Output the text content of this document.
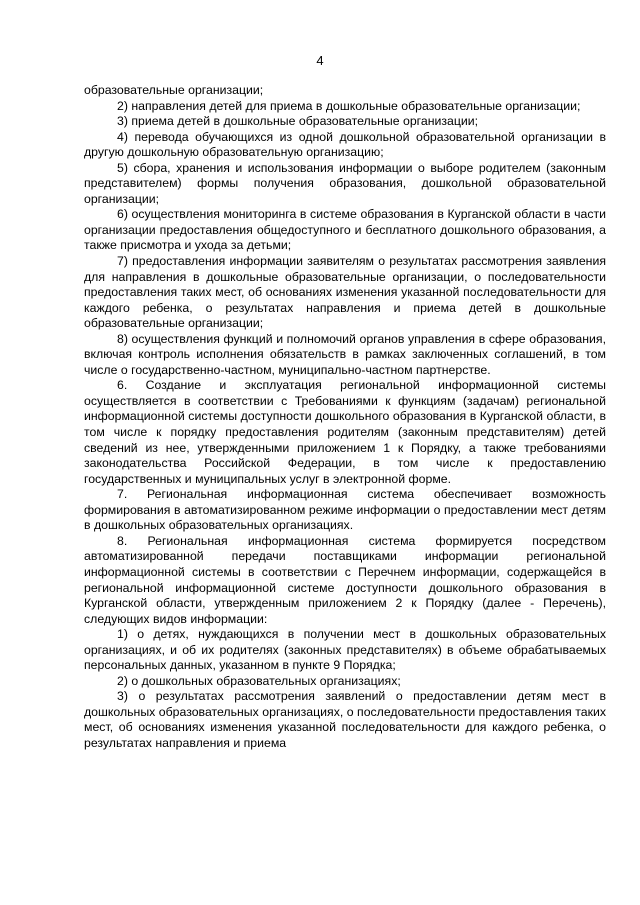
4

образовательные организации;

2) направления детей для приема в дошкольные образовательные организации;

3) приема детей в дошкольные образовательные организации;

4) перевода обучающихся из одной дошкольной образовательной организации в другую дошкольную образовательную организацию;

5) сбора, хранения и использования информации о выборе родителем (законным представителем) формы получения образования, дошкольной образовательной организации;

6) осуществления мониторинга в системе образования в Курганской области в части организации предоставления общедоступного и бесплатного дошкольного образования, а также присмотра и ухода за детьми;

7) предоставления информации заявителям о результатах рассмотрения заявления для направления в дошкольные образовательные организации, о последовательности предоставления таких мест, об основаниях изменения указанной последовательности для каждого ребенка, о результатах направления и приема детей в дошкольные образовательные организации;

8) осуществления функций и полномочий органов управления в сфере образования, включая контроль исполнения обязательств в рамках заключенных соглашений, в том числе о государственно-частном, муниципально-частном партнерстве.

6. Создание и эксплуатация региональной информационной системы осуществляется в соответствии с Требованиями к функциям (задачам) региональной информационной системы доступности дошкольного образования в Курганской области, в том числе к порядку предоставления родителям (законным представителям) детей сведений из нее, утвержденными приложением 1 к Порядку, а также требованиями законодательства Российской Федерации, в том числе к предоставлению государственных и муниципальных услуг в электронной форме.

7. Региональная информационная система обеспечивает возможность формирования в автоматизированном режиме информации о предоставлении мест детям в дошкольных образовательных организациях.

8. Региональная информационная система формируется посредством автоматизированной передачи поставщиками информации региональной информационной системы в соответствии с Перечнем информации, содержащейся в региональной информационной системе доступности дошкольного образования в Курганской области, утвержденным приложением 2 к Порядку (далее - Перечень), следующих видов информации:

1) о детях, нуждающихся в получении мест в дошкольных образовательных организациях, и об их родителях (законных представителях) в объеме обрабатываемых персональных данных, указанном в пункте 9 Порядка;

2) о дошкольных образовательных организациях;

3) о результатах рассмотрения заявлений о предоставлении детям мест в дошкольных образовательных организациях, о последовательности предоставления таких мест, об основаниях изменения указанной последовательности для каждого ребенка, о результатах направления и приема
